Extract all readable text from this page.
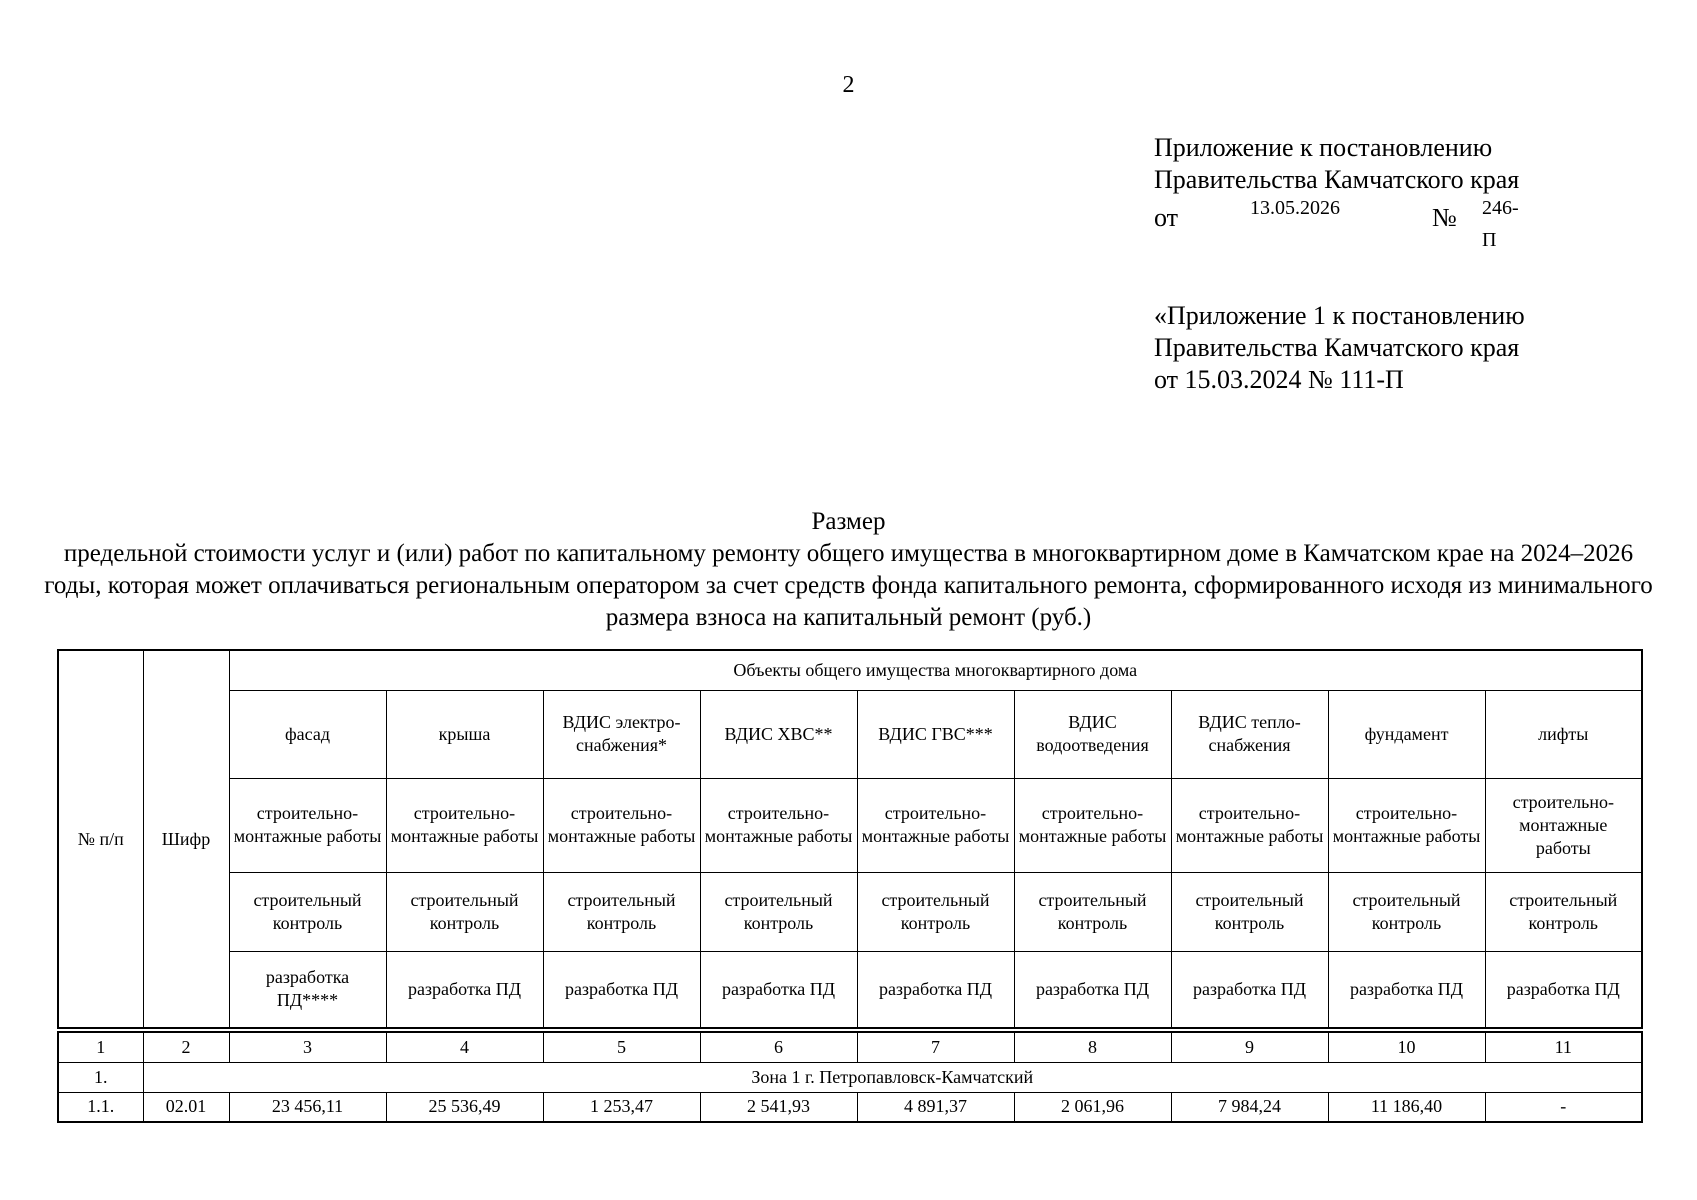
2
Приложение к постановлению
Правительства Камчатского края
от	13.05.2026	№ 246-П
«Приложение 1 к постановлению
Правительства Камчатского края
от 15.03.2024 № 111-П
Размер
предельной стоимости услуг и (или) работ по капитальному ремонту общего имущества в многоквартирном доме в Камчатском крае на 2024–2026 годы, которая может оплачиваться региональным оператором за счет средств фонда капитального ремонта, сформированного исходя из минимального размера взноса на капитальный ремонт (руб.)
№ п/п	Шифр	Объекты общего имущества многоквартирного дома								
		фасад	крыша	ВДИС электро-снабжения*	ВДИС ХВС**	ВДИС ГВС***	ВДИС водоотведения	ВДИС тепло-снабжения	фундамент	лифты
		строительно-монтажные работы	строительно-монтажные работы	строительно-монтажные работы	строительно-монтажные работы	строительно-монтажные работы	строительно-монтажные работы	строительно-монтажные работы	строительно-монтажные работы	строительно-монтажные работы
		строительный контроль	строительный контроль	строительный контроль	строительный контроль	строительный контроль	строительный контроль	строительный контроль	строительный контроль	строительный контроль
		разработка ПД****	разработка ПД	разработка ПД	разработка ПД	разработка ПД	разработка ПД	разработка ПД	разработка ПД	разработка ПД
1	2	3	4	5	6	7	8	9	10	11
1.	Зона 1 г. Петропавловск-Камчатский									
1.1.	02.01	23 456,11	25 536,49	1 253,47	2 541,93	4 891,37	2 061,96	7 984,24	11 186,40	-
